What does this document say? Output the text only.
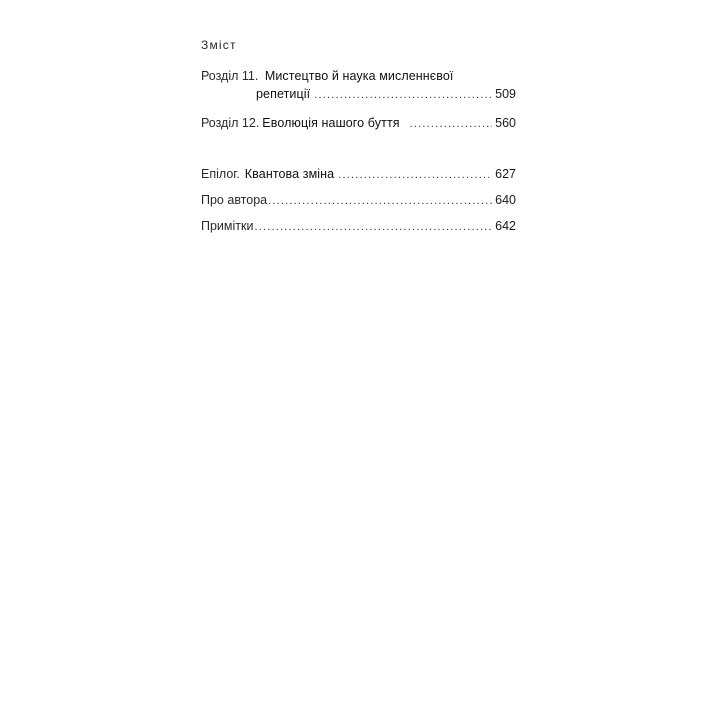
Зміст
Розділ 11. Мистецтво й наука мисленнєвої
репетиції .....	509
Розділ 12. Еволюція нашого буття .....	560
Епілог. Квантова зміна .....	627
Про автора .....	640
Примітки .....	642
